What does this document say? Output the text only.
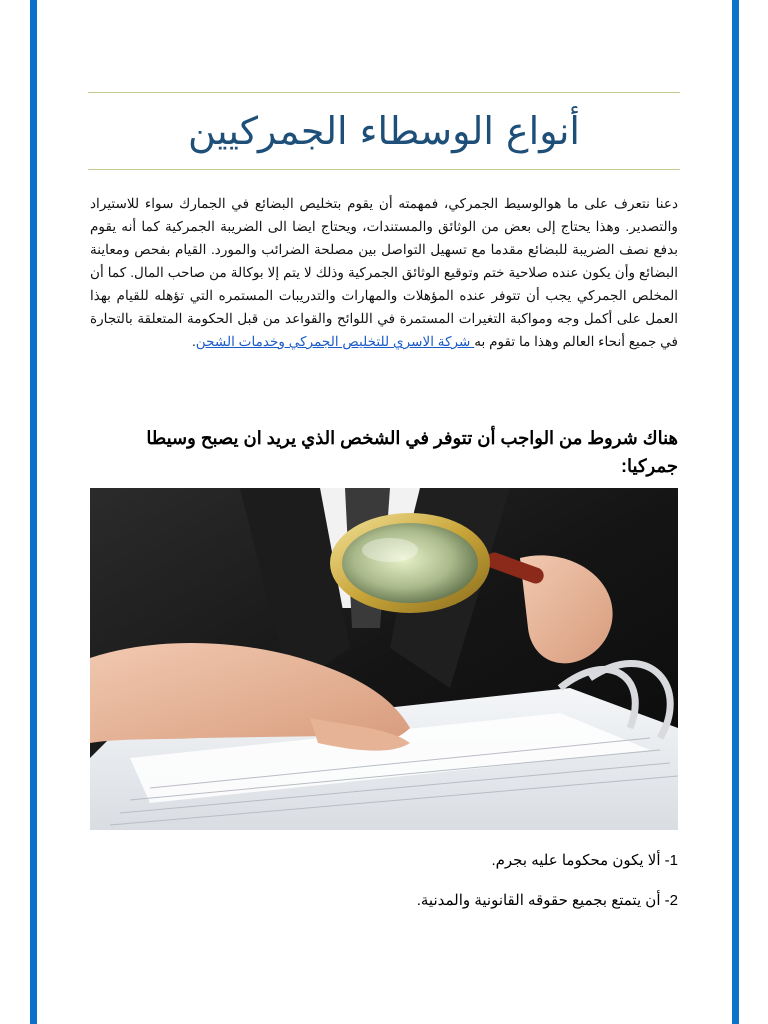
أنواع الوسطاء الجمركيين

دعنا نتعرف على ما هوالوسيط الجمركي، فمهمته أن يقوم بتخليص البضائع في الجمارك سواء للاستيراد والتصدير. وهذا يحتاج إلى بعض من الوثائق والمستندات، ويحتاج ايضا الى الضريبة الجمركية كما أنه يقوم بدفع نصف الضريبة للبضائع مقدما مع تسهيل التواصل بين مصلحة الضرائب والمورد. القيام بفحص ومعاينة البضائع وأن يكون عنده صلاحية ختم وتوقيع الوثائق الجمركية وذلك لا يتم إلا بوكالة من صاحب المال. كما أن المخلص الجمركي يجب أن تتوفر عنده المؤهلات والمهارات والتدريبات المستمره التي تؤهله للقيام بهذا العمل على أكمل وجه ومواكبة التغيرات المستمرة في اللوائح والقواعد من قبل الحكومة المتعلقة بالتجارة في جميع أنحاء العالم وهذا ما تقوم به شركة الاسري للتخليص الجمركي وخدمات الشحن.

هناك شروط من الواجب أن تتوفر في الشخص الذي يريد ان يصبح وسيطا جمركيا:
1- ألا يكون محكوما عليه بجرم.
2- أن يتمتع بجميع حقوقه القانونية والمدنية.
